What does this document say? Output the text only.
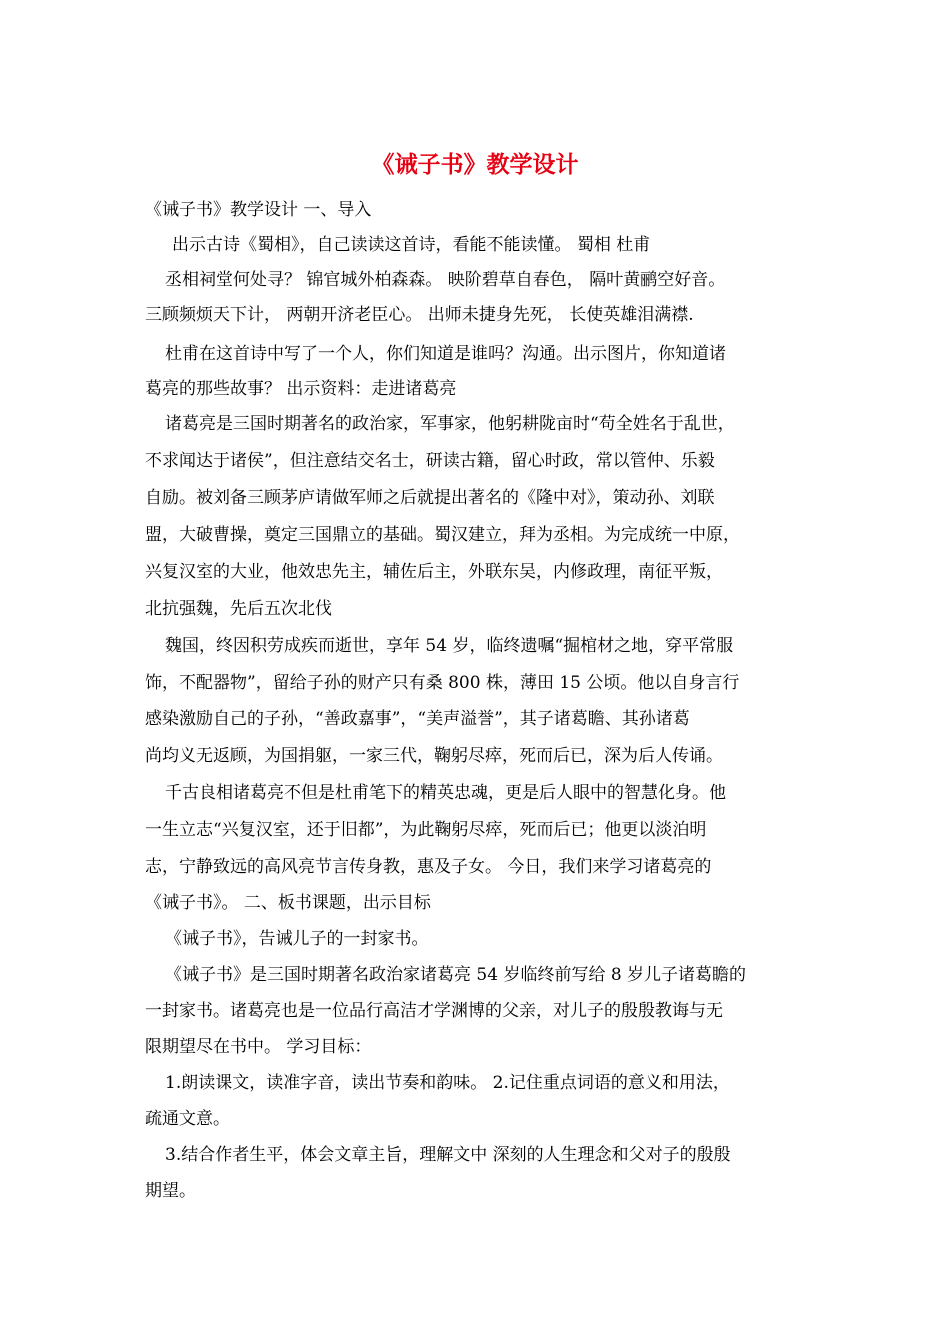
《诫子书》教学设计
《诫子书》教学设计 一、导入
出示古诗《蜀相》，自己读读这首诗，看能不能读懂。 蜀相 杜甫
丞相祠堂何处寻？ 锦官城外柏森森。 映阶碧草自春色， 隔叶黄鹂空好音。
三顾频烦天下计， 两朝开济老臣心。 出师未捷身先死， 长使英雄泪满襟.
杜甫在这首诗中写了一个人，你们知道是谁吗？沟通。出示图片，你知道诸
葛亮的那些故事？ 出示资料：走进诸葛亮
诸葛亮是三国时期著名的政治家，军事家，他躬耕陇亩时“苟全姓名于乱世，
不求闻达于诸侯”，但注意结交名士，研读古籍，留心时政，常以管仲、乐毅
自励。被刘备三顾茅庐请做军师之后就提出著名的《隆中对》，策动孙、刘联
盟，大破曹操，奠定三国鼎立的基础。蜀汉建立，拜为丞相。为完成统一中原，
兴复汉室的大业，他效忠先主，辅佐后主，外联东吴，内修政理，南征平叛，
北抗强魏，先后五次北伐
魏国，终因积劳成疾而逝世，享年 54 岁，临终遗嘱“掘棺材之地，穿平常服
饰，不配器物”，留给子孙的财产只有桑 800 株，薄田 15 公顷。他以自身言行
感染激励自己的子孙，“善政嘉事”，“美声溢誉”，其子诸葛瞻、其孙诸葛
尚均义无返顾，为国捐躯，一家三代，鞠躬尽瘁，死而后已，深为后人传诵。
千古良相诸葛亮不但是杜甫笔下的精英忠魂，更是后人眼中的智慧化身。他
一生立志“兴复汉室，还于旧都”，为此鞠躬尽瘁，死而后已；他更以淡泊明
志，宁静致远的高风亮节言传身教，惠及子女。 今日，我们来学习诸葛亮的
《诫子书》。 二、板书课题，出示目标
《诫子书》，告诫儿子的一封家书。
《诫子书》是三国时期著名政治家诸葛亮 54 岁临终前写给 8 岁儿子诸葛瞻的
一封家书。诸葛亮也是一位品行高洁才学渊博的父亲，对儿子的殷殷教诲与无
限期望尽在书中。 学习目标：
1.朗读课文，读准字音，读出节奏和韵味。 2.记住重点词语的意义和用法，
疏通文意。
3.结合作者生平，体会文章主旨，理解文中 深刻的人生理念和父对子的殷殷
期望。
